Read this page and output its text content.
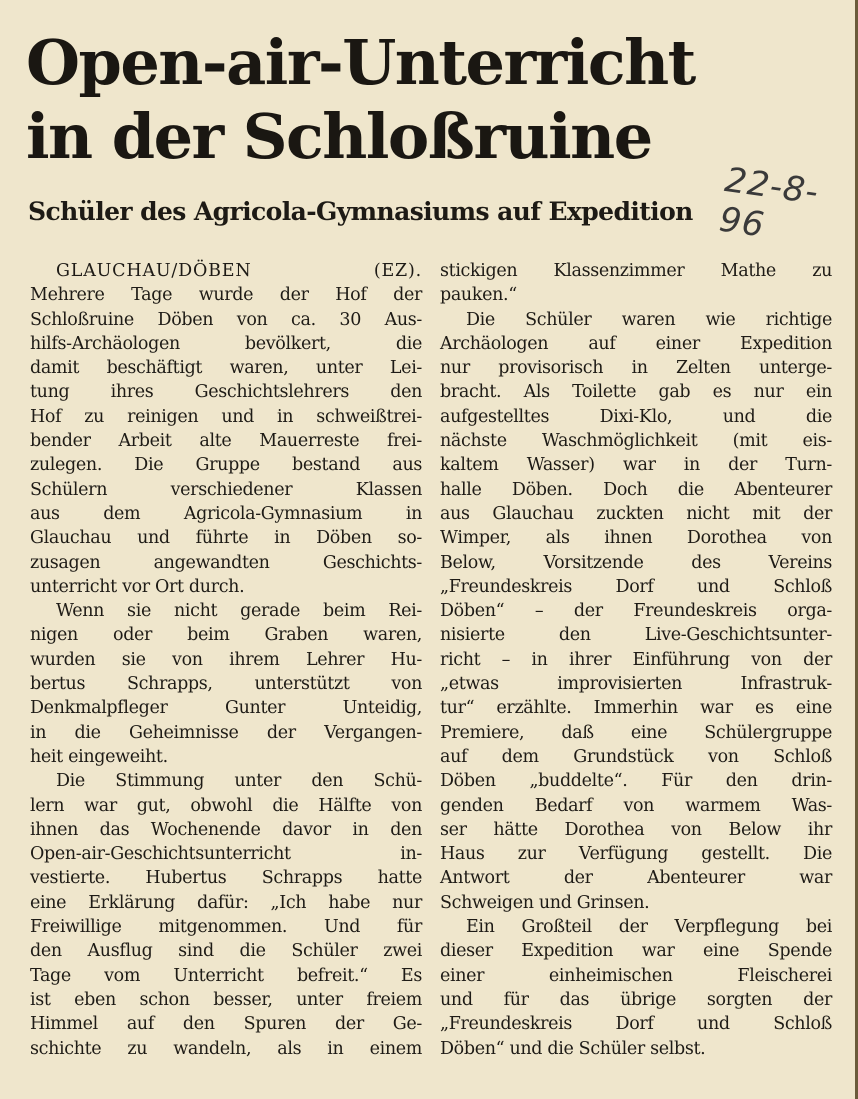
Open-air-Unterricht
in der Schloßruine
22-8-96
Schüler des Agricola-Gymnasiums auf Expedition
GLAUCHAU/DÖBEN (EZ).
Mehrere Tage wurde der Hof der
Schloßruine Döben von ca. 30 Aus-
hilfs-Archäologen bevölkert, die
damit beschäftigt waren, unter Lei-
tung ihres Geschichtslehrers den
Hof zu reinigen und in schweißtrei-
bender Arbeit alte Mauerreste frei-
zulegen. Die Gruppe bestand aus
Schülern verschiedener Klassen
aus dem Agricola-Gymnasium in
Glauchau und führte in Döben so-
zusagen angewandten Geschichts-
unterricht vor Ort durch.
Wenn sie nicht gerade beim Rei-
nigen oder beim Graben waren,
wurden sie von ihrem Lehrer Hu-
bertus Schrapps, unterstützt von
Denkmalpfleger Gunter Unteidig,
in die Geheimnisse der Vergangen-
heit eingeweiht.
Die Stimmung unter den Schü-
lern war gut, obwohl die Hälfte von
ihnen das Wochenende davor in den
Open-air-Geschichtsunterricht in-
vestierte. Hubertus Schrapps hatte
eine Erklärung dafür: „Ich habe nur
Freiwillige mitgenommen. Und für
den Ausflug sind die Schüler zwei
Tage vom Unterricht befreit.“ Es
ist eben schon besser, unter freiem
Himmel auf den Spuren der Ge-
schichte zu wandeln, als in einem
stickigen Klassenzimmer Mathe zu
pauken.“
Die Schüler waren wie richtige
Archäologen auf einer Expedition
nur provisorisch in Zelten unterge-
bracht. Als Toilette gab es nur ein
aufgestelltes Dixi-Klo, und die
nächste Waschmöglichkeit (mit eis-
kaltem Wasser) war in der Turn-
halle Döben. Doch die Abenteurer
aus Glauchau zuckten nicht mit der
Wimper, als ihnen Dorothea von
Below, Vorsitzende des Vereins
„Freundeskreis Dorf und Schloß
Döben“ – der Freundeskreis orga-
nisierte den Live-Geschichtsunter-
richt – in ihrer Einführung von der
„etwas improvisierten Infrastruk-
tur“ erzählte. Immerhin war es eine
Premiere, daß eine Schülergruppe
auf dem Grundstück von Schloß
Döben „buddelte“. Für den drin-
genden Bedarf von warmem Was-
ser hätte Dorothea von Below ihr
Haus zur Verfügung gestellt. Die
Antwort der Abenteurer war
Schweigen und Grinsen.
Ein Großteil der Verpflegung bei
dieser Expedition war eine Spende
einer einheimischen Fleischerei
und für das übrige sorgten der
„Freundeskreis Dorf und Schloß
Döben“ und die Schüler selbst.
